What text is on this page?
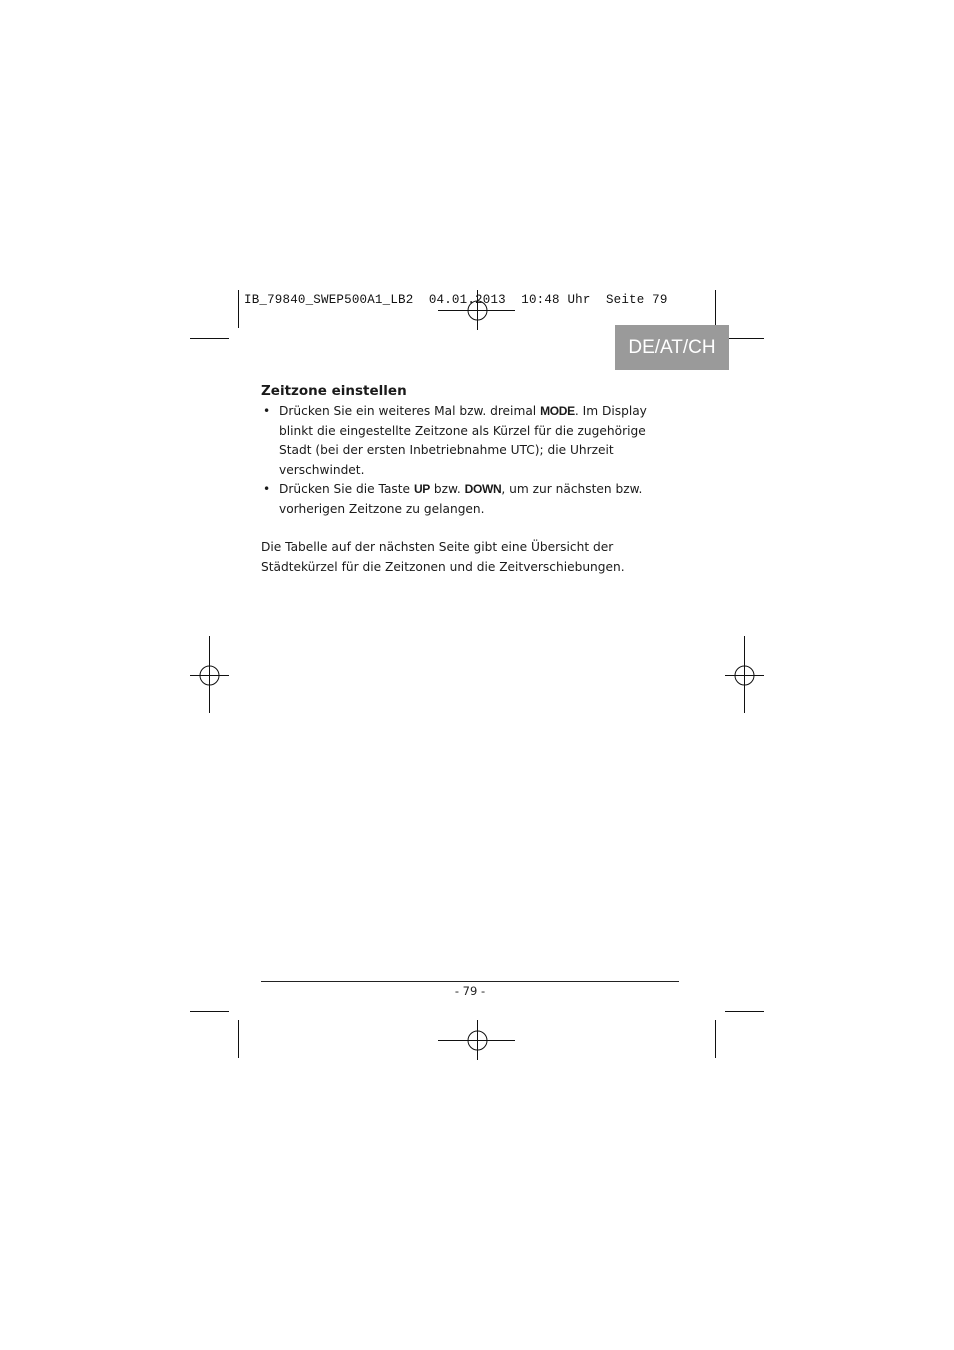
IB_79840_SWEP500A1_LB2  04.01.2013  10:48 Uhr  Seite 79
DE/AT/CH
Zeitzone einstellen
• Drücken Sie ein weiteres Mal bzw. dreimal MODE. Im Display blinkt die eingestellte Zeitzone als Kürzel für die zugehörige Stadt (bei der ersten Inbetriebnahme UTC); die Uhrzeit verschwindet.
• Drücken Sie die Taste UP bzw. DOWN, um zur nächsten bzw. vorherigen Zeitzone zu gelangen.

Die Tabelle auf der nächsten Seite gibt eine Übersicht der Städtekürzel für die Zeitzonen und die Zeitverschiebungen.

- 79 -
